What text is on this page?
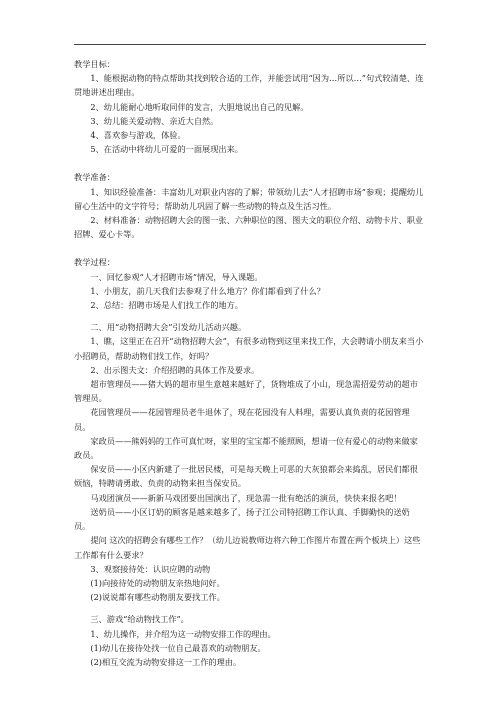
教学目标：

1、能根据动物的特点帮助其找到较合适的工作，并能尝试用“因为…所以…”句式较清楚、连贯地讲述出理由。

2、幼儿能耐心地听取同伴的发言，大胆地说出自己的见解。

3、幼儿能关爱动物、亲近大自然。

4、喜欢参与游戏，体验。

5、在活动中将幼儿可爱的一面展现出来。

教学准备：

1、知识经验准备：丰富幼儿对职业内容的了解；带领幼儿去“人才招聘市场”参观；提醒幼儿留心生活中的文字符号；帮助幼儿巩固了解一些动物的特点及生活习性。

2、材料准备：动物招聘大会的图一张、六种职位的图、图夫文的职位介绍、动物卡片、职业招牌、爱心卡等。

教学过程：

一、回忆参观“人才招聘市场”情况，导入课题。

1、小朋友，前几天我们去参观了什么地方？你们都看到了什么？

2、总结：招聘市场是人们找工作的地方。

二、用“动物招聘大会”引发幼儿活动兴趣。

1、瞧，这里正在召开“动物招聘大会”，有很多动物到这里来找工作，大会聘请小朋友来当小小招聘员，帮助动物们找工作，好吗？

2、出示图夫文：介绍招聘的具体工作及要求。

超市管理员——猪大妈的超市里生意越来越好了，货物堆成了小山，现急需招爱劳动的超市管理员。

花园管理员——花园管理员老牛退休了，现在花园没有人料理，需要认真负责的花园管理员。

家政员——熊妈妈的工作可真忙呀，家里的宝宝都不能照顾，想请一位有爱心的动物来做家政员。

保安员——小区内新建了一批居民楼，可是每天晚上可恶的大灰狼都会来捣乱，居民们都很烦恼，特聘请勇敢、负责的动物来担当保安员。

马戏团演员——新新马戏团要出国演出了，现急需一批有绝活的演员，快快来报名吧！

送奶员——小区订奶的顾客是越来越多了，扬子江公司特招聘工作认真、手脚勤快的送奶员。

提问 这次的招聘会有哪些工作？（幼儿边说教师边将六种工作图片布置在两个板块上）这些工作都有什么要求？

3、观察接待处：认识应聘的动物

(1)向接待处的动物朋友亲热地问好。

(2)说说都有哪些动物朋友要找工作。

三、游戏“给动物找工作”。

1、幼儿操作，并介绍为这一动物安排工作的理由。

(1)幼儿在接待处找一位自己最喜欢的动物朋友。

(2)相互交流为动物安排这一工作的理由。
